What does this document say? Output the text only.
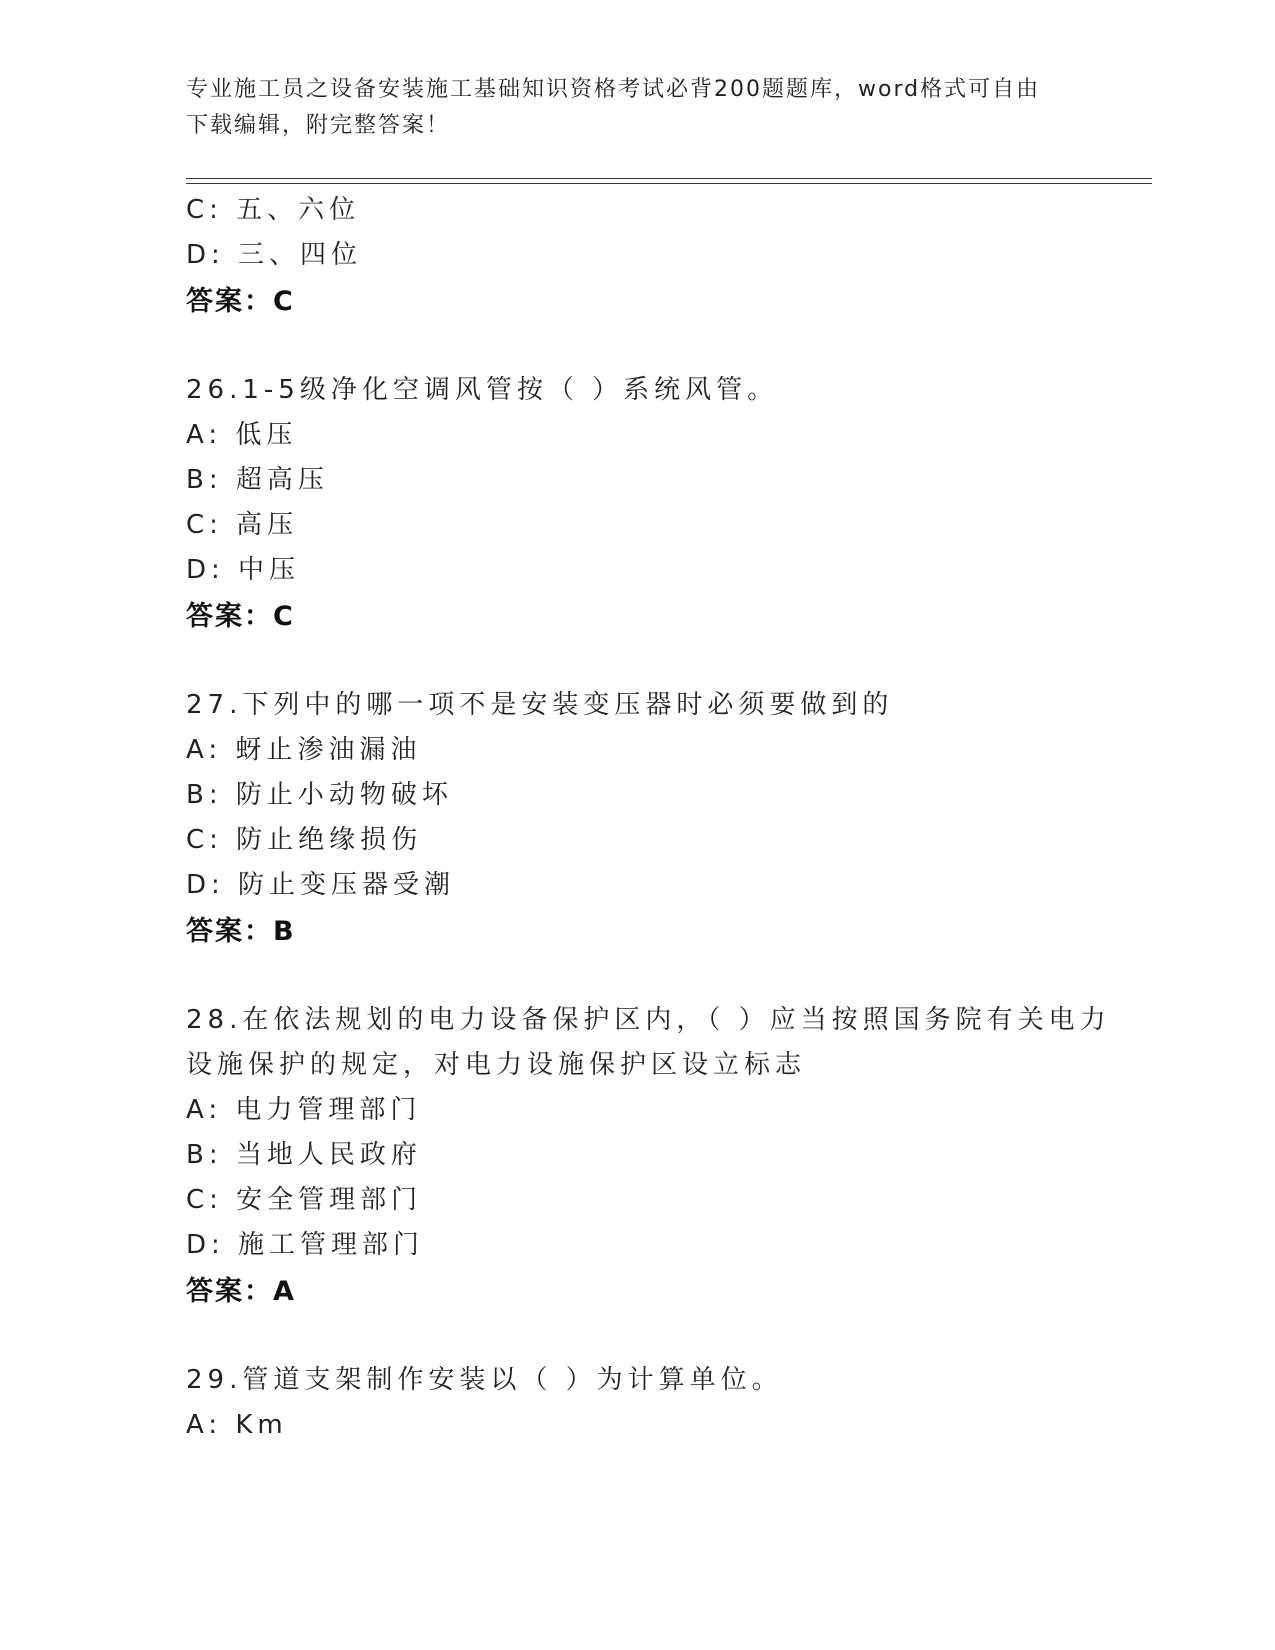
专业施工员之设备安装施工基础知识资格考试必背200题题库，word格式可自由
下载编辑，附完整答案！
C: 五、六位
D: 三、四位
答案：C
26.1-5级净化空调风管按（ ）系统风管。
A: 低压
B: 超高压
C: 高压
D: 中压
答案：C
27.下列中的哪一项不是安装变压器时必须要做到的
A: 蚜止渗油漏油
B: 防止小动物破坏
C: 防止绝缘损伤
D: 防止变压器受潮
答案：B
28.在依法规划的电力设备保护区内，（ ）应当按照国务院有关电力
设施保护的规定，对电力设施保护区设立标志
A: 电力管理部门
B: 当地人民政府
C: 安全管理部门
D: 施工管理部门
答案：A
29.管道支架制作安装以（ ）为计算单位。
A: Km
